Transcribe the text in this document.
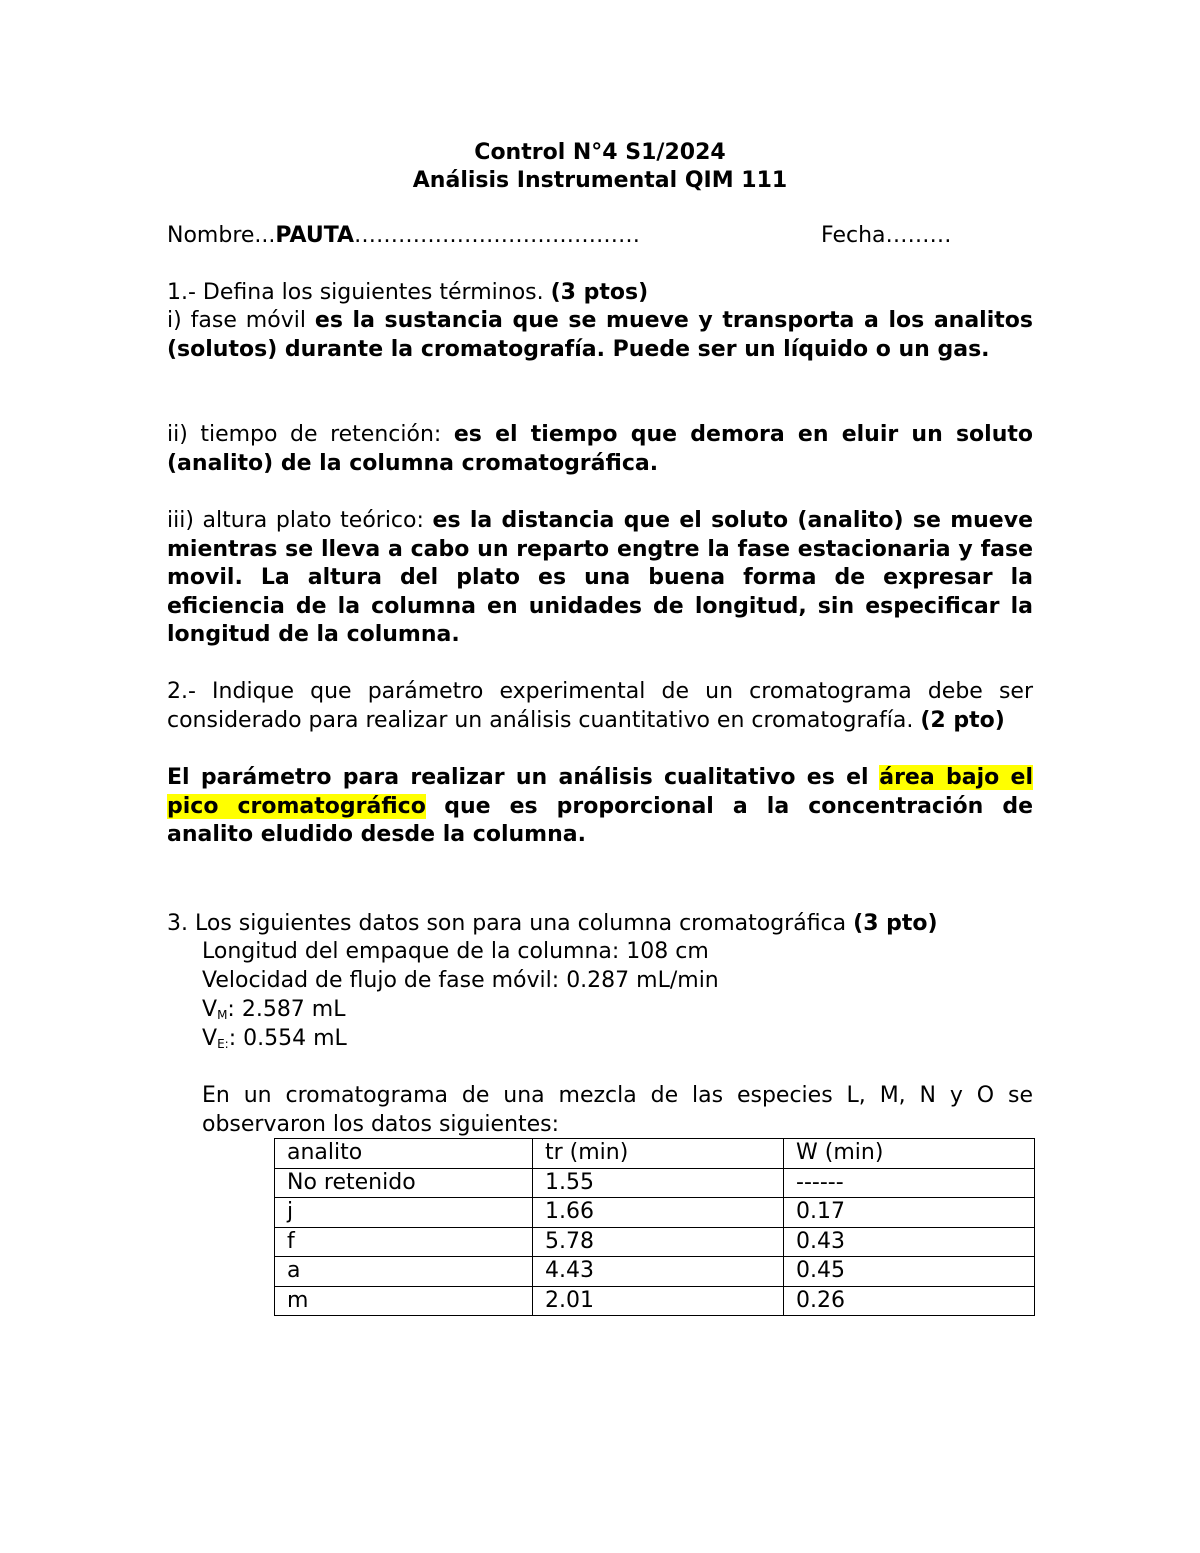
Control N°4 S1/2024
Análisis Instrumental QIM 111
Nombre...PAUTA…………………………………	Fecha………

1.- Defina los siguientes términos. (3 ptos)

i) fase móvil es la sustancia que se mueve y transporta a los analitos (solutos) durante la cromatografía. Puede ser un líquido o un gas.

ii) tiempo de retención: es el tiempo que demora en eluir un soluto (analito) de la columna cromatográfica.

iii) altura plato teórico: es la distancia que el soluto (analito) se mueve mientras se lleva a cabo un reparto engtre la fase estacionaria y fase movil. La altura del plato es una buena forma de expresar la eficiencia de la columna en unidades de longitud, sin especificar la longitud de la columna.

2.- Indique que parámetro experimental de un cromatograma debe ser considerado para realizar un análisis cuantitativo en cromatografía. (2 pto)

El parámetro para realizar un análisis cualitativo es el área bajo el pico cromatográfico que es proporcional a la concentración de analito eludido desde la columna.

3. Los siguientes datos son para una columna cromatográfica (3 pto)
Longitud del empaque de la columna: 108 cm
Velocidad de flujo de fase móvil: 0.287 mL/min
$V_M$: 2.587 mL
$V_{E:}$: 0.554 mL

En un cromatograma de una mezcla de las especies L, M, N y O se observaron los datos siguientes:

analito	tr (min)	W (min)
No retenido	1.55	------
j	1.66	0.17
f	5.78	0.43
a	4.43	0.45
m	2.01	0.26
